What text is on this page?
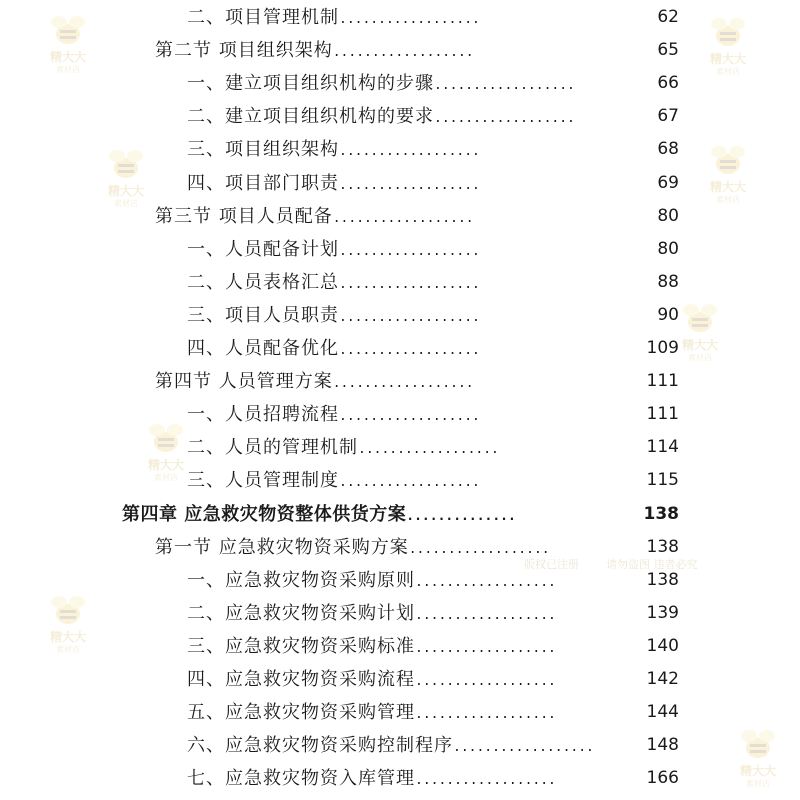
精大大
素材店
精大大
素材店
精大大
素材店
精大大
素材店
精大大
素材店
精大大
素材店
精大大
素材店
精大大
素材店
版权已注册 请勿盗图 违者必究
二、项目管理机制..................	62
第二节 项目组织架构..................	65
一、建立项目组织机构的步骤..................	66
二、建立项目组织机构的要求..................	67
三、项目组织架构..................	68
四、项目部门职责..................	69
第三节 项目人员配备..................	80
一、人员配备计划..................	80
二、人员表格汇总..................	88
三、项目人员职责..................	90
四、人员配备优化..................	109
第四节 人员管理方案..................	111
一、人员招聘流程..................	111
二、人员的管理机制..................	114
三、人员管理制度..................	115
第四章 应急救灾物资整体供货方案..............	138
第一节 应急救灾物资采购方案..................	138
一、应急救灾物资采购原则..................	138
二、应急救灾物资采购计划..................	139
三、应急救灾物资采购标准..................	140
四、应急救灾物资采购流程..................	142
五、应急救灾物资采购管理..................	144
六、应急救灾物资采购控制程序..................	148
七、应急救灾物资入库管理..................	166
